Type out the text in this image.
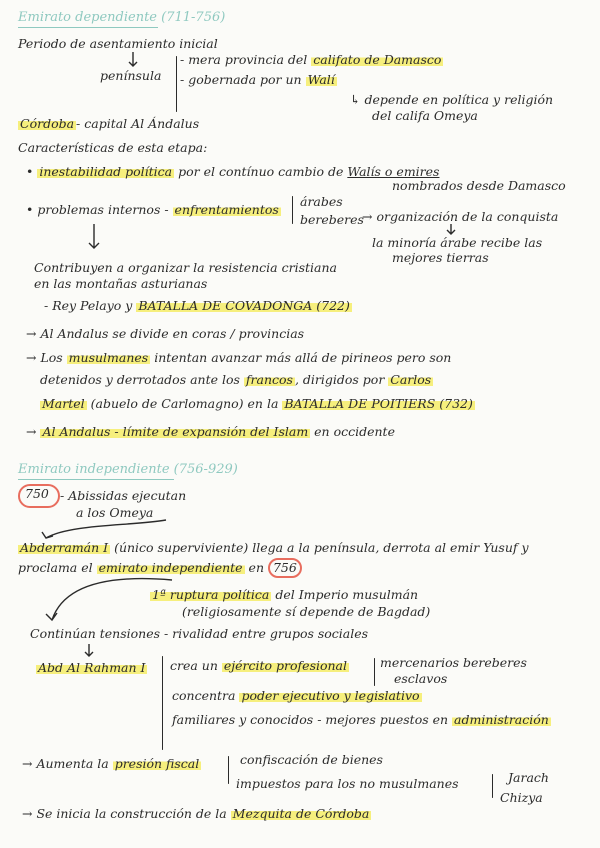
Emirato dependiente (711-756)
Periodo de asentamiento inicial
península
- mera provincia del califato de Damasco
- gobernada por un Walí
↳ depende en política y religión
del califa Omeya
Córdoba - capital Al Ándalus
Características de esta etapa:
• inestabilidad política por el contínuo cambio de Walís o emires
nombrados desde Damasco
• problemas internos - enfrentamientos
árabes
bereberes
→ organización de la conquista
la minoría árabe recibe las
mejores tierras
Contribuyen a organizar la resistencia cristiana
en las montañas asturianas
- Rey Pelayo y BATALLA DE COVADONGA (722)
→ Al Andalus se divide en coras / provincias
→ Los musulmanes intentan avanzar más allá de pirineos pero son
detenidos y derrotados ante los francos , dirigidos por Carlos
Martel (abuelo de Carlomagno) en la BATALLA DE POITIERS (732)
→ Al Andalus - límite de expansión del Islam en occidente
Emirato independiente (756-929)
750 - Abissidas ejecutan
a los Omeya
Abderramán I (único superviviente) llega a la península, derrota al emir Yusuf y
proclama el emirato independiente en 756
1ª ruptura política del Imperio musulmán
(religiosamente sí depende de Bagdad)
Continúan tensiones - rivalidad entre grupos sociales
Abd Al Rahman I crea un ejército profesional	mercenarios bereberes
esclavos
concentra poder ejecutivo y legislativo
familiares y conocidos - mejores puestos en administración
→ Aumenta la presión fiscal	confiscación de bienes
impuestos para los no musulmanes	Jarach
Chizya
→ Se inicia la construcción de la Mezquita de Córdoba
